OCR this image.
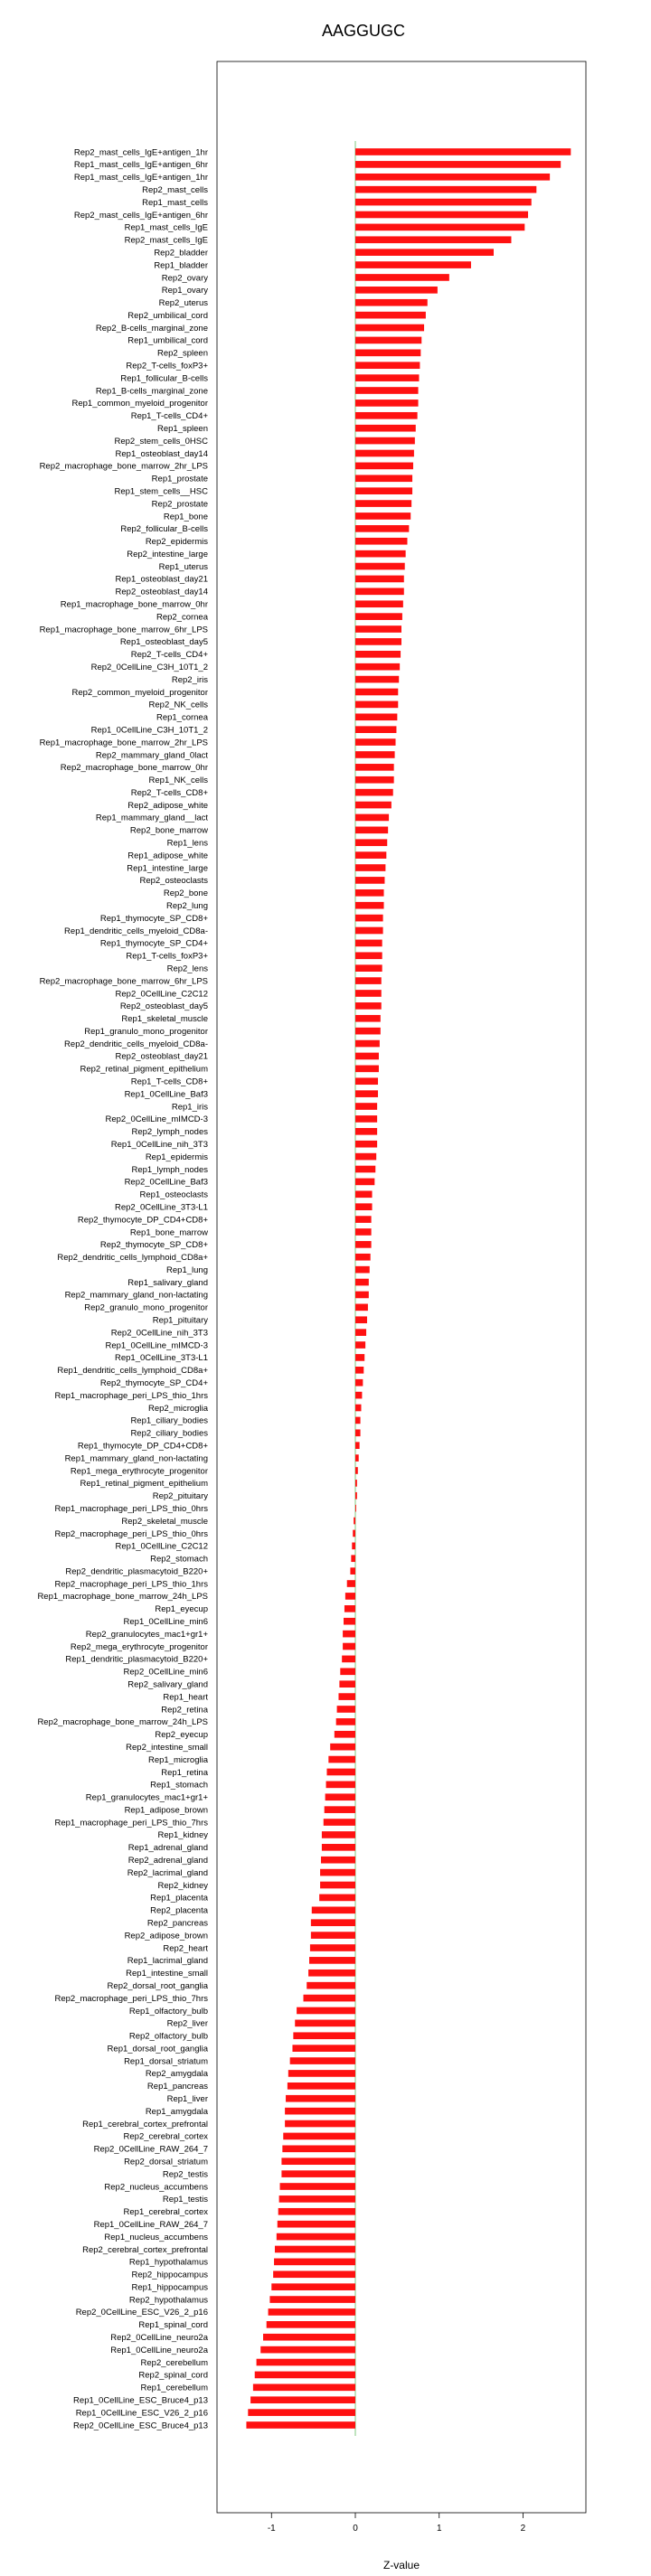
AAGGUGC
Rep2_mast_cells_IgE+antigen_1hr
Rep1_mast_cells_IgE+antigen_6hr
Rep1_mast_cells_IgE+antigen_1hr
Rep2_mast_cells
Rep1_mast_cells
Rep2_mast_cells_IgE+antigen_6hr
Rep1_mast_cells_IgE
Rep2_mast_cells_IgE
Rep2_bladder
Rep1_bladder
Rep2_ovary
Rep1_ovary
Rep2_uterus
Rep2_umbilical_cord
Rep2_B-cells_marginal_zone
Rep1_umbilical_cord
Rep2_spleen
Rep2_T-cells_foxP3+
Rep1_follicular_B-cells
Rep1_B-cells_marginal_zone
Rep1_common_myeloid_progenitor
Rep1_T-cells_CD4+
Rep1_spleen
Rep2_stem_cells_0HSC
Rep1_osteoblast_day14
Rep2_macrophage_bone_marrow_2hr_LPS
Rep1_prostate
Rep1_stem_cells__HSC
Rep2_prostate
Rep1_bone
Rep2_follicular_B-cells
Rep2_epidermis
Rep2_intestine_large
Rep1_uterus
Rep1_osteoblast_day21
Rep2_osteoblast_day14
Rep1_macrophage_bone_marrow_0hr
Rep2_cornea
Rep1_macrophage_bone_marrow_6hr_LPS
Rep1_osteoblast_day5
Rep2_T-cells_CD4+
Rep2_0CellLine_C3H_10T1_2
Rep2_iris
Rep2_common_myeloid_progenitor
Rep2_NK_cells
Rep1_cornea
Rep1_0CellLine_C3H_10T1_2
Rep1_macrophage_bone_marrow_2hr_LPS
Rep2_mammary_gland_0lact
Rep2_macrophage_bone_marrow_0hr
Rep1_NK_cells
Rep2_T-cells_CD8+
Rep2_adipose_white
Rep1_mammary_gland__lact
Rep2_bone_marrow
Rep1_lens
Rep1_adipose_white
Rep1_intestine_large
Rep2_osteoclasts
Rep2_bone
Rep2_lung
Rep1_thymocyte_SP_CD8+
Rep1_dendritic_cells_myeloid_CD8a-
Rep1_thymocyte_SP_CD4+
Rep1_T-cells_foxP3+
Rep2_lens
Rep2_macrophage_bone_marrow_6hr_LPS
Rep2_0CellLine_C2C12
Rep2_osteoblast_day5
Rep1_skeletal_muscle
Rep1_granulo_mono_progenitor
Rep2_dendritic_cells_myeloid_CD8a-
Rep2_osteoblast_day21
Rep2_retinal_pigment_epithelium
Rep1_T-cells_CD8+
Rep1_0CellLine_Baf3
Rep1_iris
Rep2_0CellLine_mIMCD-3
Rep2_lymph_nodes
Rep1_0CellLine_nih_3T3
Rep1_epidermis
Rep1_lymph_nodes
Rep2_0CellLine_Baf3
Rep1_osteoclasts
Rep2_0CellLine_3T3-L1
Rep2_thymocyte_DP_CD4+CD8+
Rep1_bone_marrow
Rep2_thymocyte_SP_CD8+
Rep2_dendritic_cells_lymphoid_CD8a+
Rep1_lung
Rep1_salivary_gland
Rep2_mammary_gland_non-lactating
Rep2_granulo_mono_progenitor
Rep1_pituitary
Rep2_0CellLine_nih_3T3
Rep1_0CellLine_mIMCD-3
Rep1_0CellLine_3T3-L1
Rep1_dendritic_cells_lymphoid_CD8a+
Rep2_thymocyte_SP_CD4+
Rep1_macrophage_peri_LPS_thio_1hrs
Rep2_microglia
Rep1_ciliary_bodies
Rep2_ciliary_bodies
Rep1_thymocyte_DP_CD4+CD8+
Rep1_mammary_gland_non-lactating
Rep1_mega_erythrocyte_progenitor
Rep1_retinal_pigment_epithelium
Rep2_pituitary
Rep1_macrophage_peri_LPS_thio_0hrs
Rep2_skeletal_muscle
Rep2_macrophage_peri_LPS_thio_0hrs
Rep1_0CellLine_C2C12
Rep2_stomach
Rep2_dendritic_plasmacytoid_B220+
Rep2_macrophage_peri_LPS_thio_1hrs
Rep1_macrophage_bone_marrow_24h_LPS
Rep1_eyecup
Rep1_0CellLine_min6
Rep2_granulocytes_mac1+gr1+
Rep2_mega_erythrocyte_progenitor
Rep1_dendritic_plasmacytoid_B220+
Rep2_0CellLine_min6
Rep2_salivary_gland
Rep1_heart
Rep2_retina
Rep2_macrophage_bone_marrow_24h_LPS
Rep2_eyecup
Rep2_intestine_small
Rep1_microglia
Rep1_retina
Rep1_stomach
Rep1_granulocytes_mac1+gr1+
Rep1_adipose_brown
Rep1_macrophage_peri_LPS_thio_7hrs
Rep1_kidney
Rep1_adrenal_gland
Rep2_adrenal_gland
Rep2_lacrimal_gland
Rep2_kidney
Rep1_placenta
Rep2_placenta
Rep2_pancreas
Rep2_adipose_brown
Rep2_heart
Rep1_lacrimal_gland
Rep1_intestine_small
Rep2_dorsal_root_ganglia
Rep2_macrophage_peri_LPS_thio_7hrs
Rep1_olfactory_bulb
Rep2_liver
Rep2_olfactory_bulb
Rep1_dorsal_root_ganglia
Rep1_dorsal_striatum
Rep2_amygdala
Rep1_pancreas
Rep1_liver
Rep1_amygdala
Rep1_cerebral_cortex_prefrontal
Rep2_cerebral_cortex
Rep2_0CellLine_RAW_264_7
Rep2_dorsal_striatum
Rep2_testis
Rep2_nucleus_accumbens
Rep1_testis
Rep1_cerebral_cortex
Rep1_0CellLine_RAW_264_7
Rep1_nucleus_accumbens
Rep2_cerebral_cortex_prefrontal
Rep1_hypothalamus
Rep2_hippocampus
Rep1_hippocampus
Rep2_hypothalamus
Rep2_0CellLine_ESC_V26_2_p16
Rep1_spinal_cord
Rep2_0CellLine_neuro2a
Rep1_0CellLine_neuro2a
Rep2_cerebellum
Rep2_spinal_cord
Rep1_cerebellum
Rep1_0CellLine_ESC_Bruce4_p13
Rep1_0CellLine_ESC_V26_2_p16
Rep2_0CellLine_ESC_Bruce4_p13
-1	0	1	2
Z-value
